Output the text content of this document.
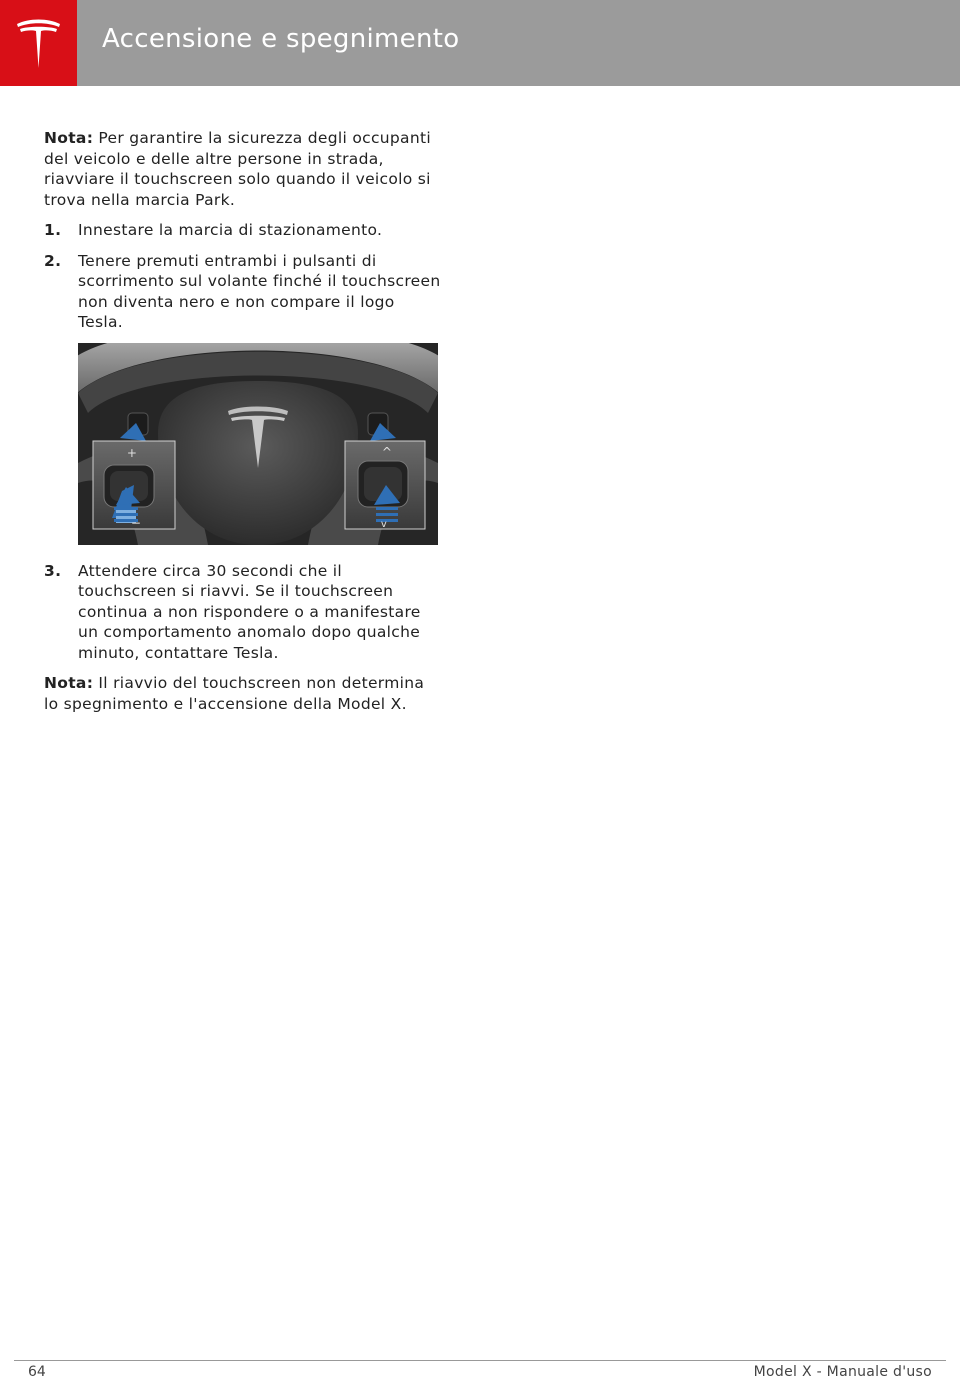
Accensione e spegnimento

Nota: Per garantire la sicurezza degli occupanti del veicolo e delle altre persone in strada, riavviare il touchscreen solo quando il veicolo si trova nella marcia Park.

1. Innestare la marcia di stazionamento.
2. Tenere premuti entrambi i pulsanti di scorrimento sul volante finché il touchscreen non diventa nero e non compare il logo Tesla.
+
−
^
v
3. Attendere circa 30 secondi che il touchscreen si riavvi. Se il touchscreen continua a non rispondere o a manifestare un comportamento anomalo dopo qualche minuto, contattare Tesla.

Nota: Il riavvio del touchscreen non determina lo spegnimento e l'accensione della Model X.

64	Model X - Manuale d'uso
